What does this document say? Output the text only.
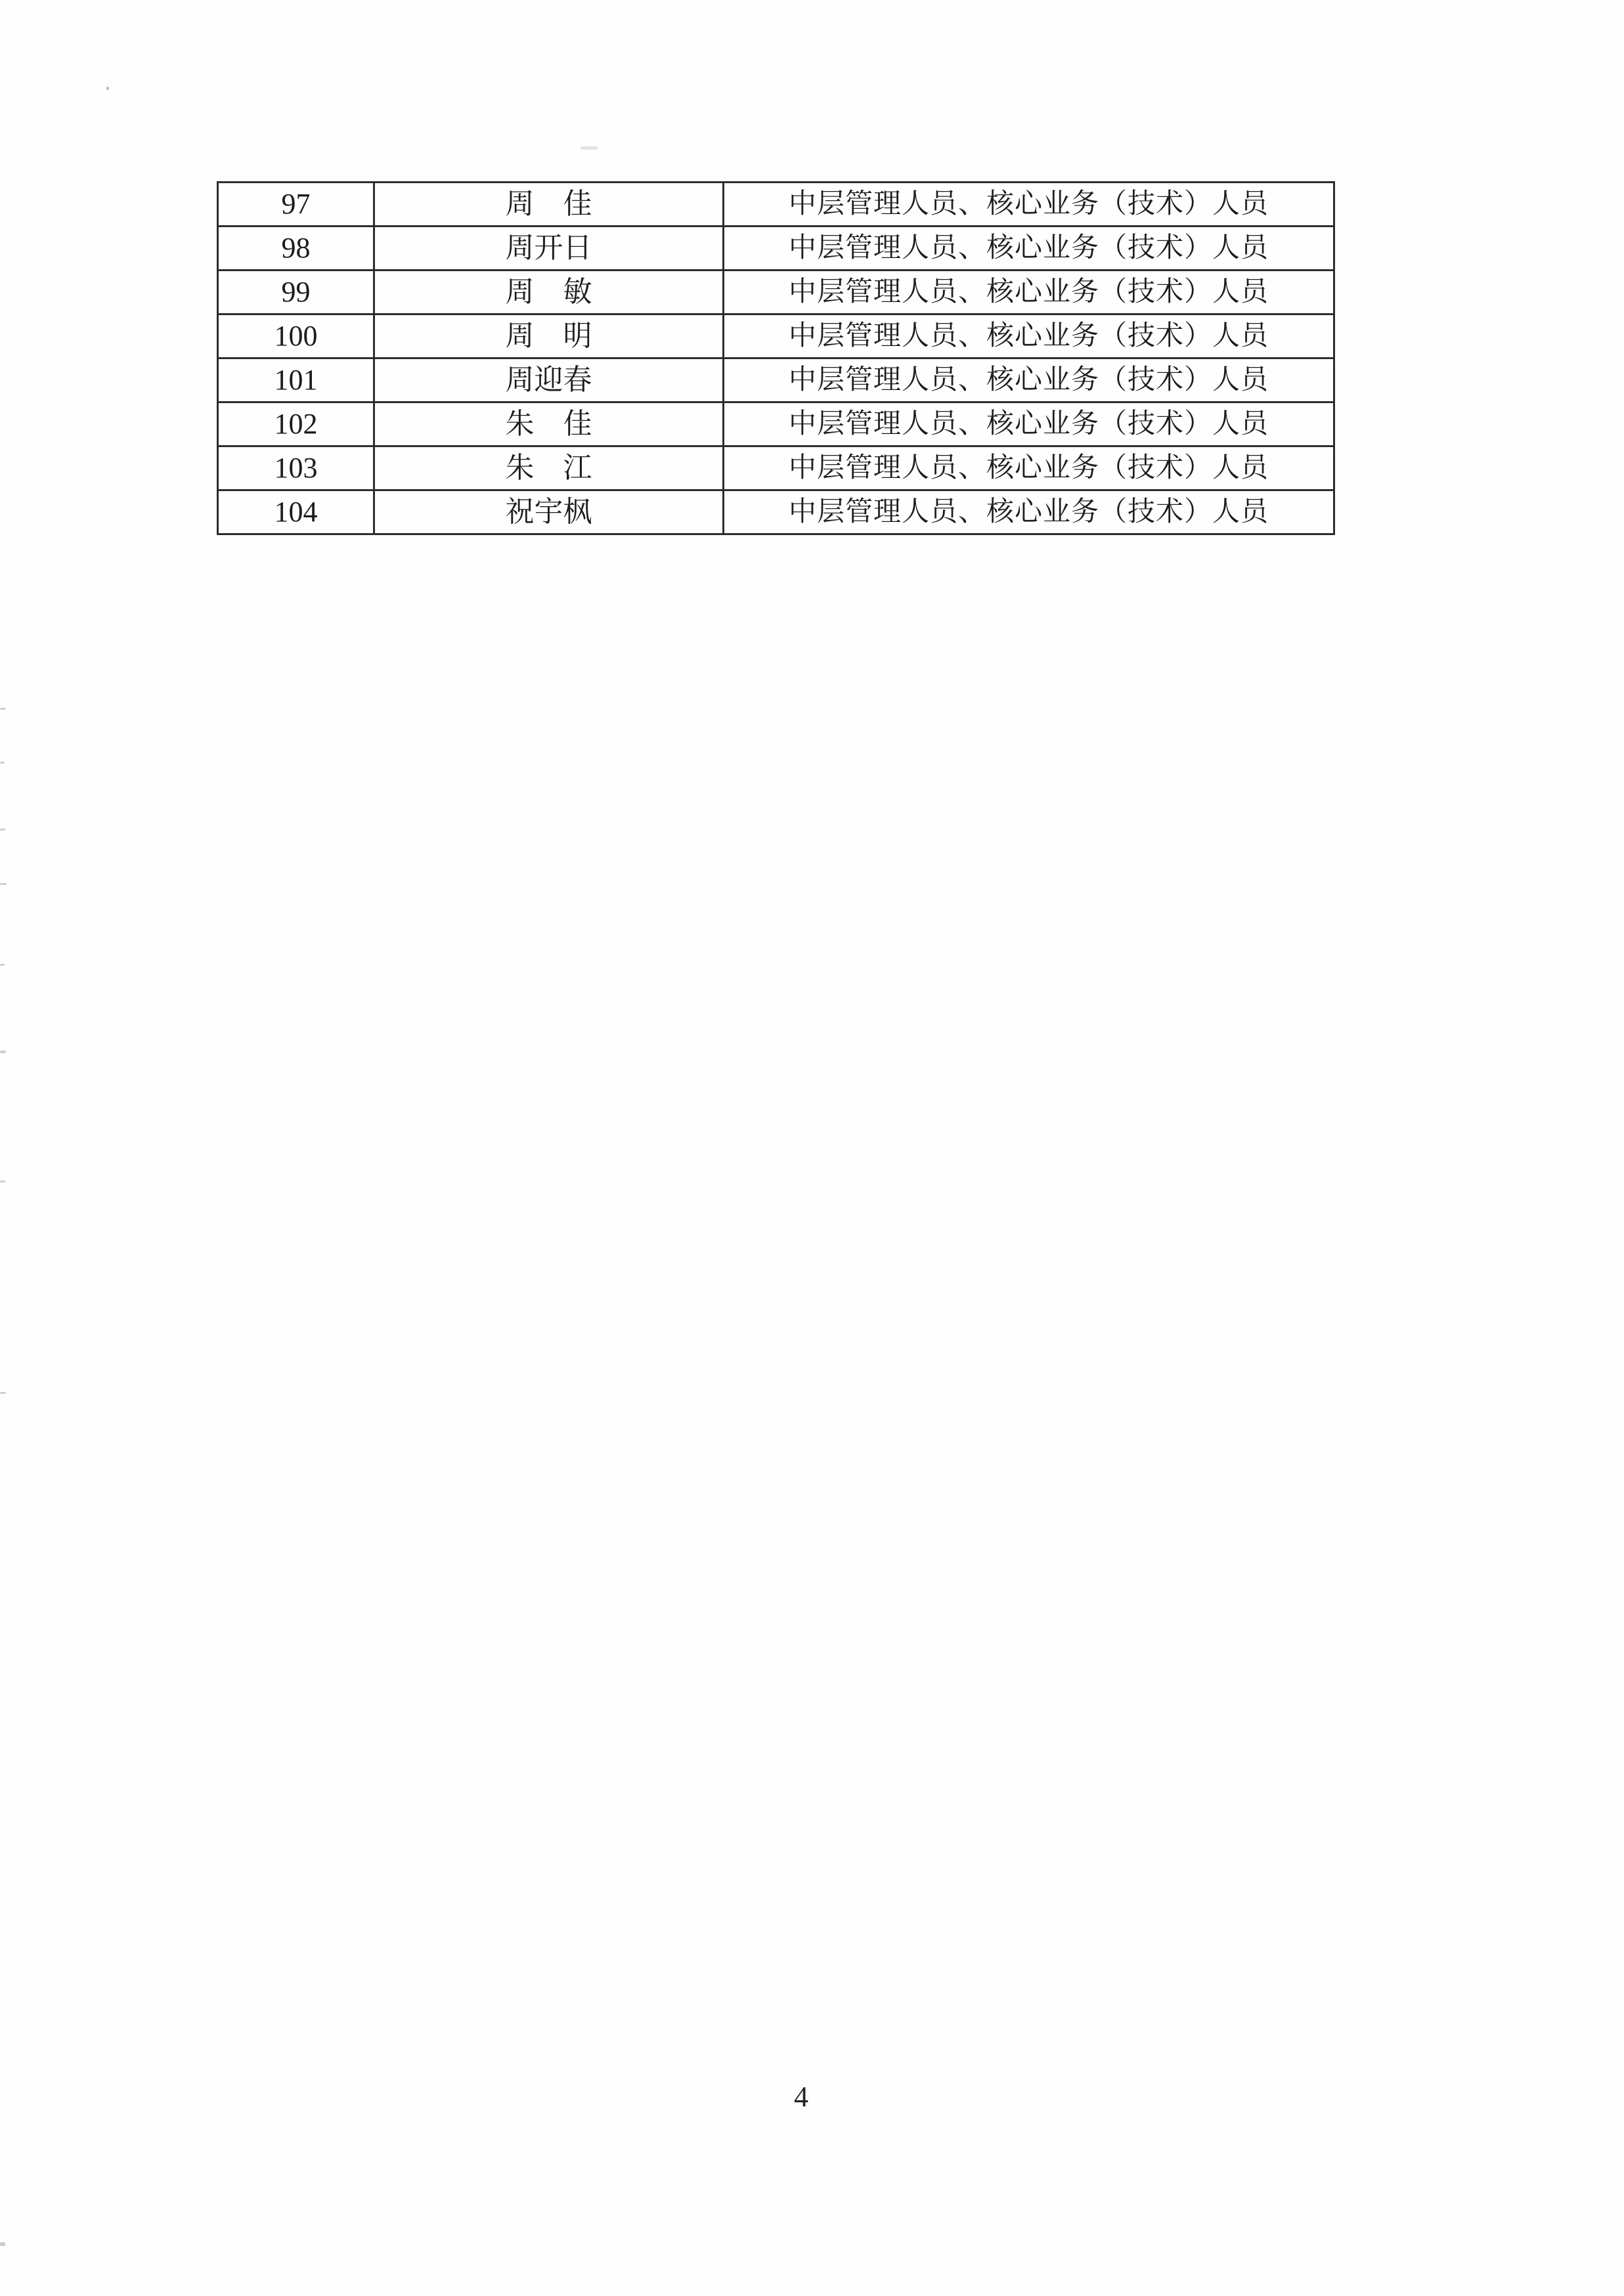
97	周　佳	中层管理人员、核心业务（技术）人员
98	周开日	中层管理人员、核心业务（技术）人员
99	周　敏	中层管理人员、核心业务（技术）人员
100	周　明	中层管理人员、核心业务（技术）人员
101	周迎春	中层管理人员、核心业务（技术）人员
102	朱　佳	中层管理人员、核心业务（技术）人员
103	朱　江	中层管理人员、核心业务（技术）人员
104	祝宇枫	中层管理人员、核心业务（技术）人员
4
